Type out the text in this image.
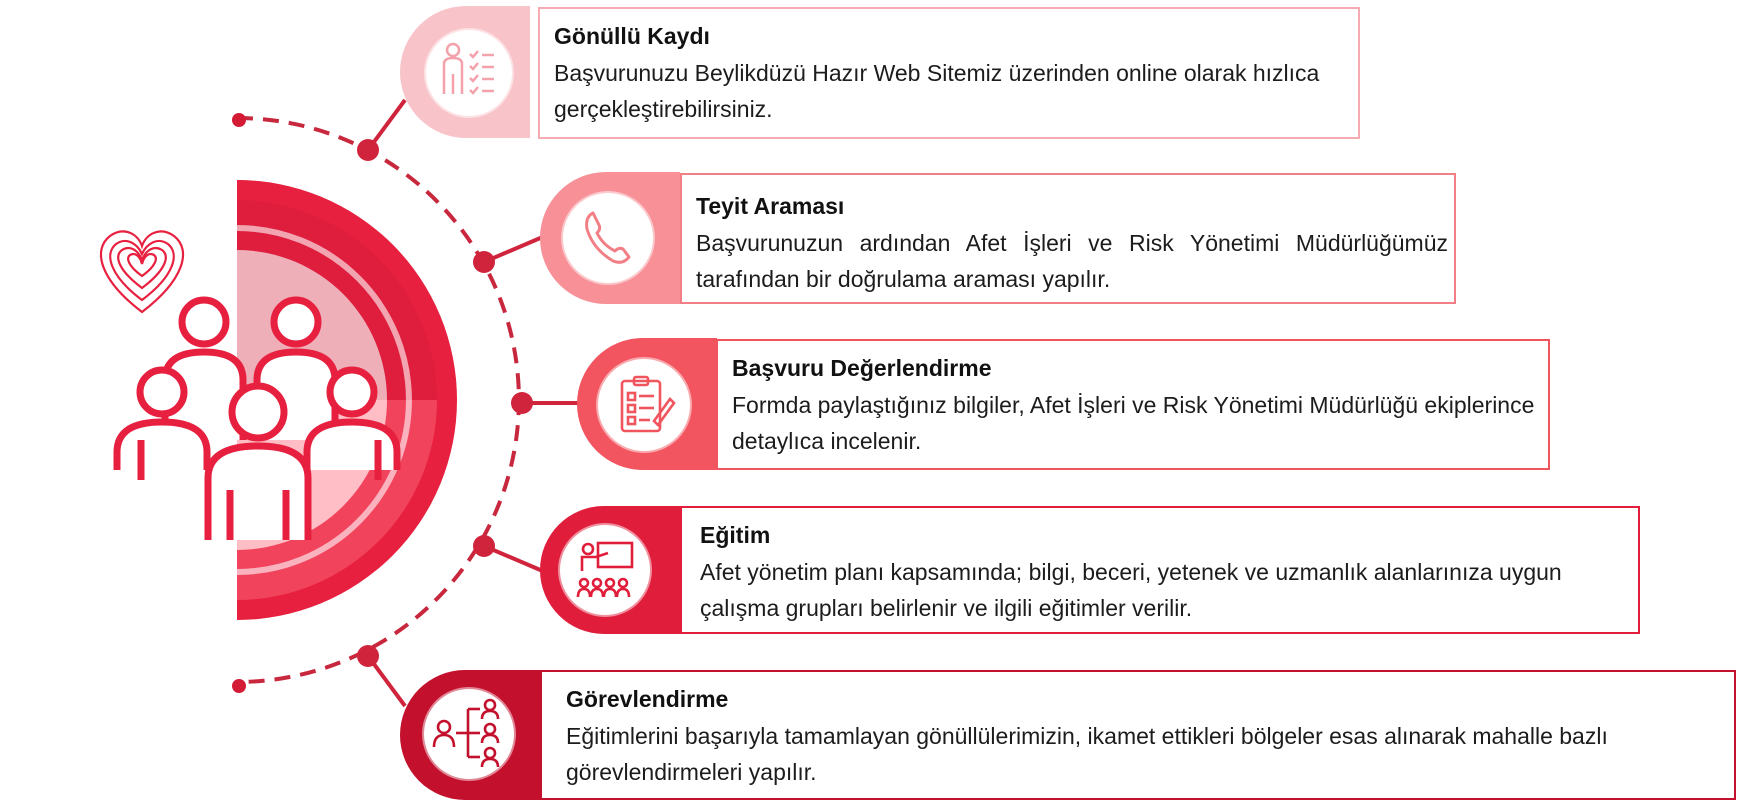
Gönüllü Kaydı
Başvurunuzu Beylikdüzü Hazır Web Sitemiz üzerinden online olarak hızlıca gerçekleştirebilirsiniz.
Teyit Araması
Başvurunuzun ardından Afet İşleri ve Risk Yönetimi Müdürlüğümüz tarafından bir doğrulama araması yapılır.
Başvuru Değerlendirme
Formda paylaştığınız bilgiler, Afet İşleri ve Risk Yönetimi Müdürlüğü ekiplerince detaylıca incelenir.
Eğitim
Afet yönetim planı kapsamında; bilgi, beceri, yetenek ve uzmanlık alanlarınıza uygun çalışma grupları belirlenir ve ilgili eğitimler verilir.
Görevlendirme
Eğitimlerini başarıyla tamamlayan gönüllülerimizin, ikamet ettikleri bölgeler esas alınarak mahalle bazlı görevlendirmeleri yapılır.
